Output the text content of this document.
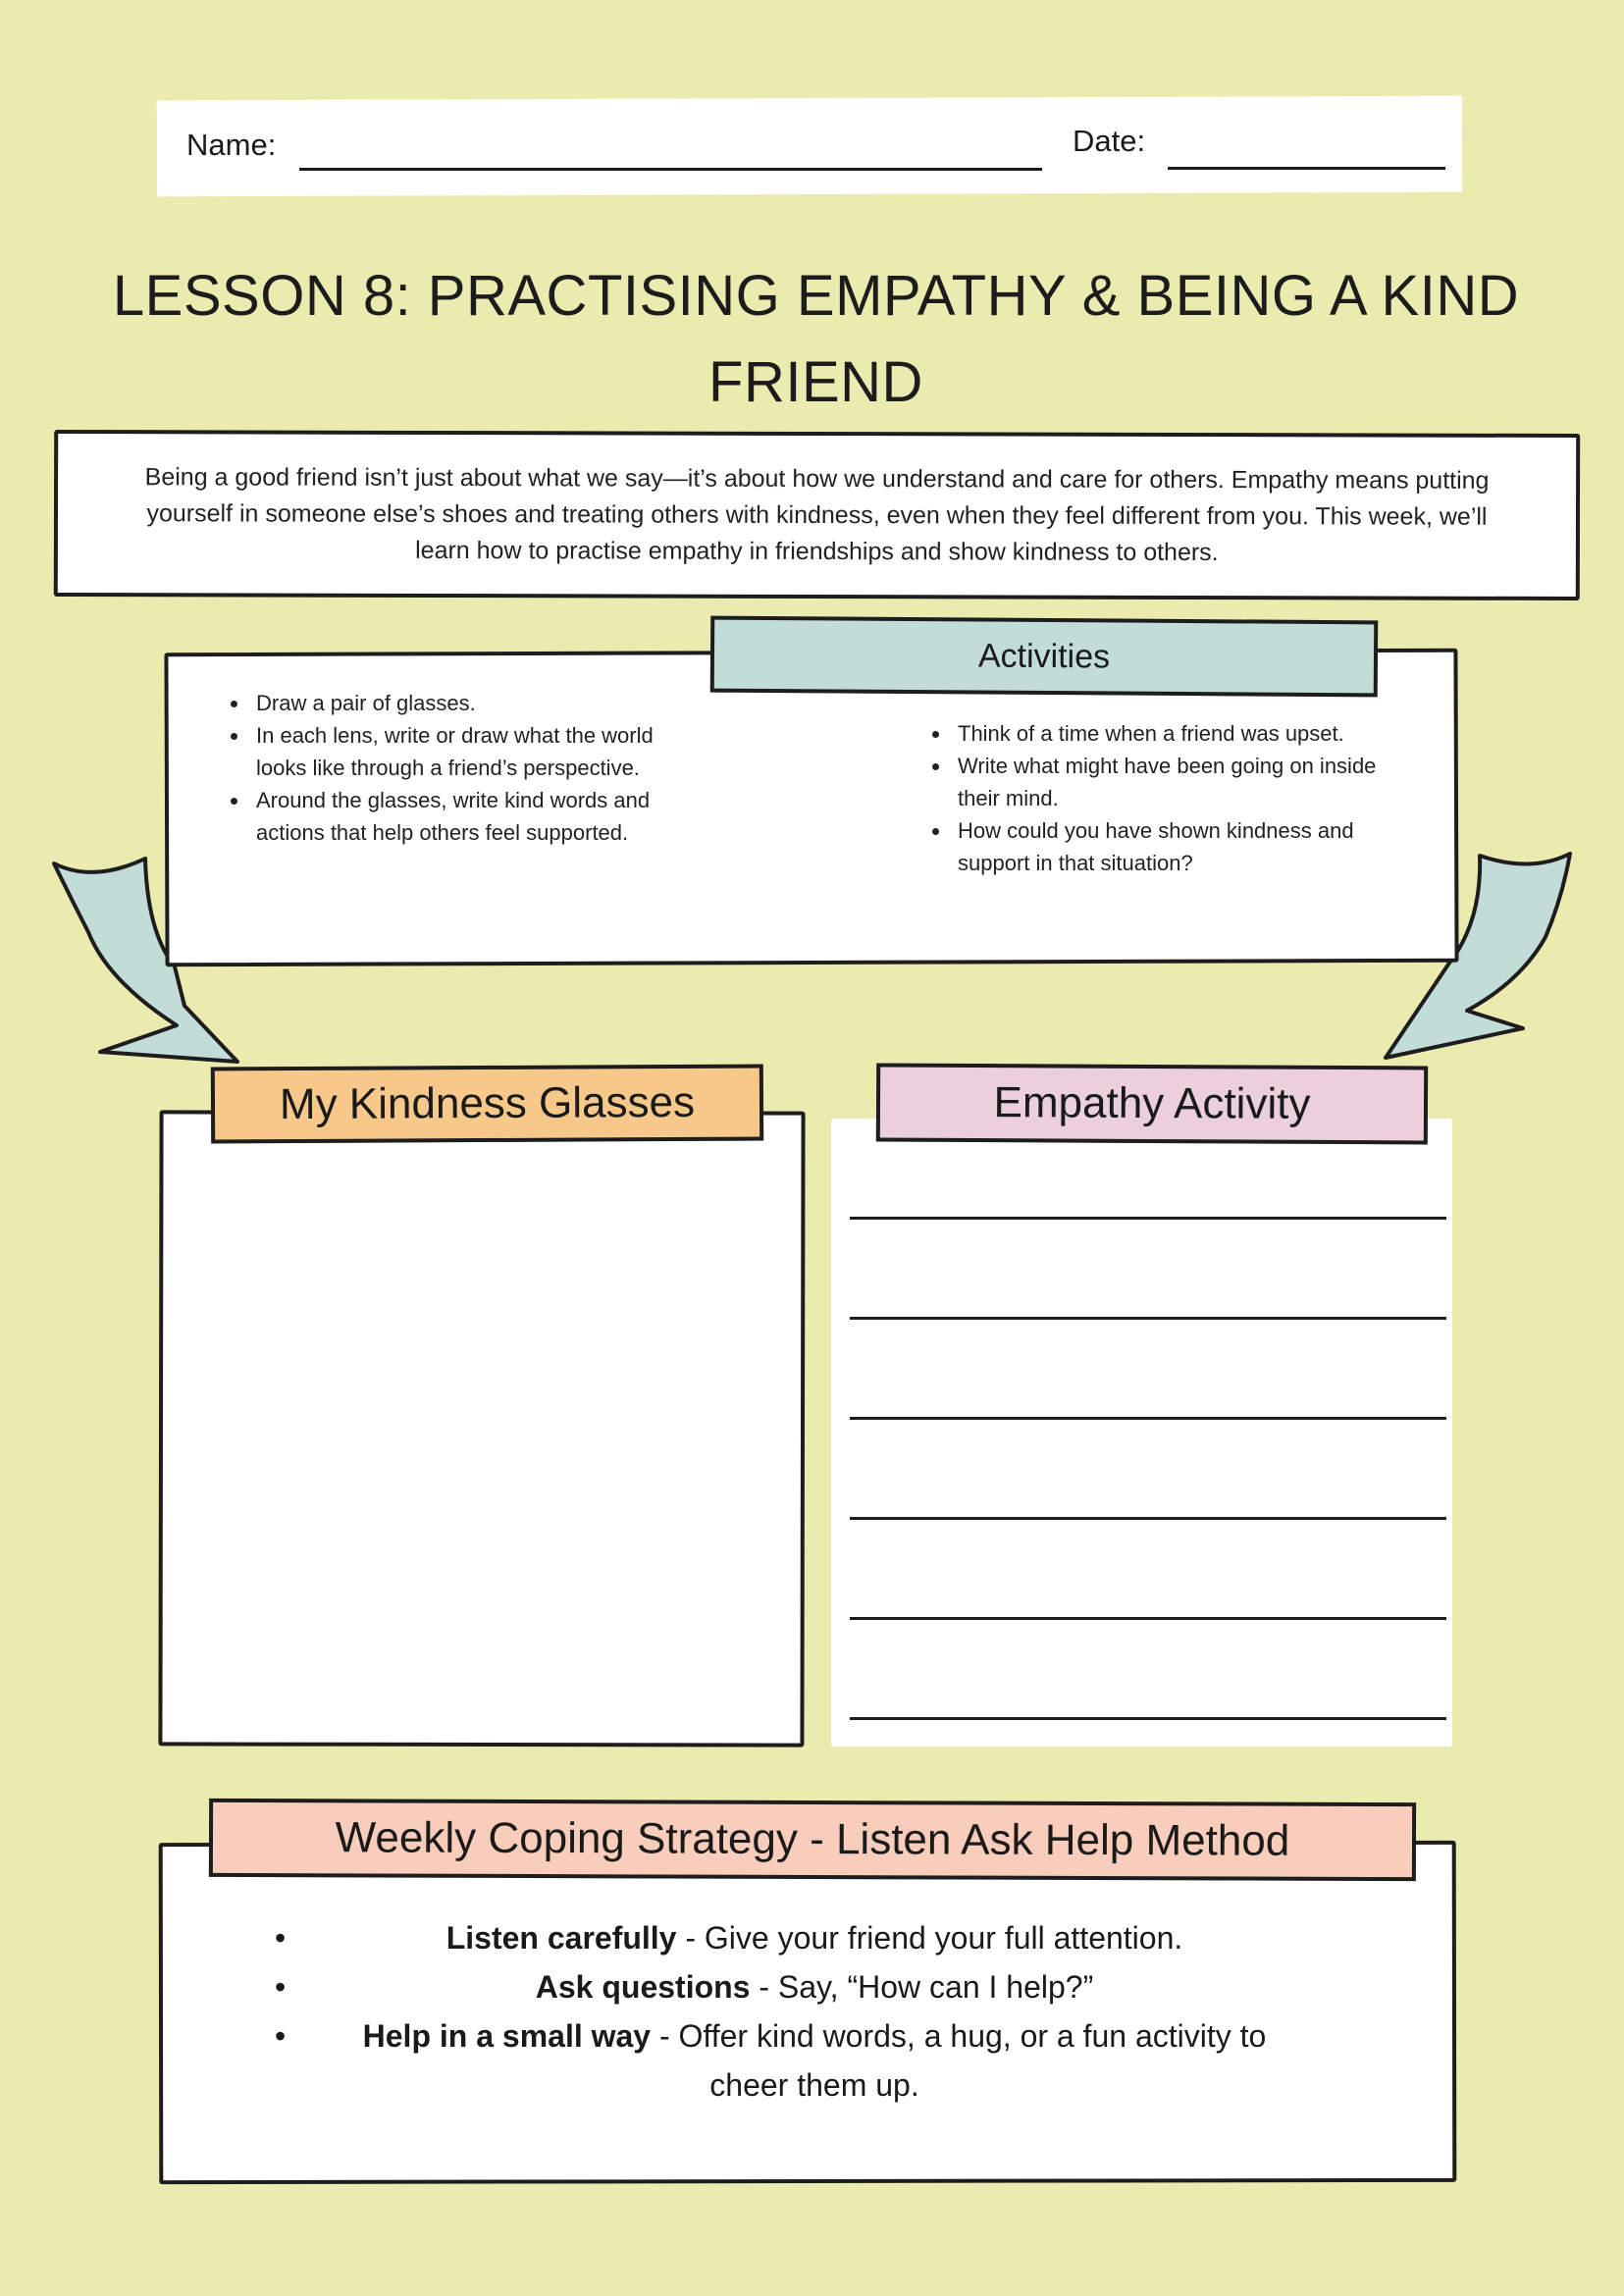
Name:	Date:
LESSON 8: PRACTISING EMPATHY & BEING A KIND FRIEND

Being a good friend isn’t just about what we say—it’s about how we understand and care for others. Empathy means putting yourself in someone else’s shoes and treating others with kindness, even when they feel different from you. This week, we’ll learn how to practise empathy in friendships and show kindness to others.

Activities
• Draw a pair of glasses.
• In each lens, write or draw what the world looks like through a friend’s perspective.
• Around the glasses, write kind words and actions that help others feel supported.
• Think of a time when a friend was upset.
• Write what might have been going on inside their mind.
• How could you have shown kindness and support in that situation?
My Kindness Glasses	Empathy Activity
Weekly Coping Strategy - Listen Ask Help Method
•	Listen carefully - Give your friend your full attention.
•	Ask questions - Say, “How can I help?”
• Help in a small way - Offer kind words, a hug, or a fun activity to cheer them up.
